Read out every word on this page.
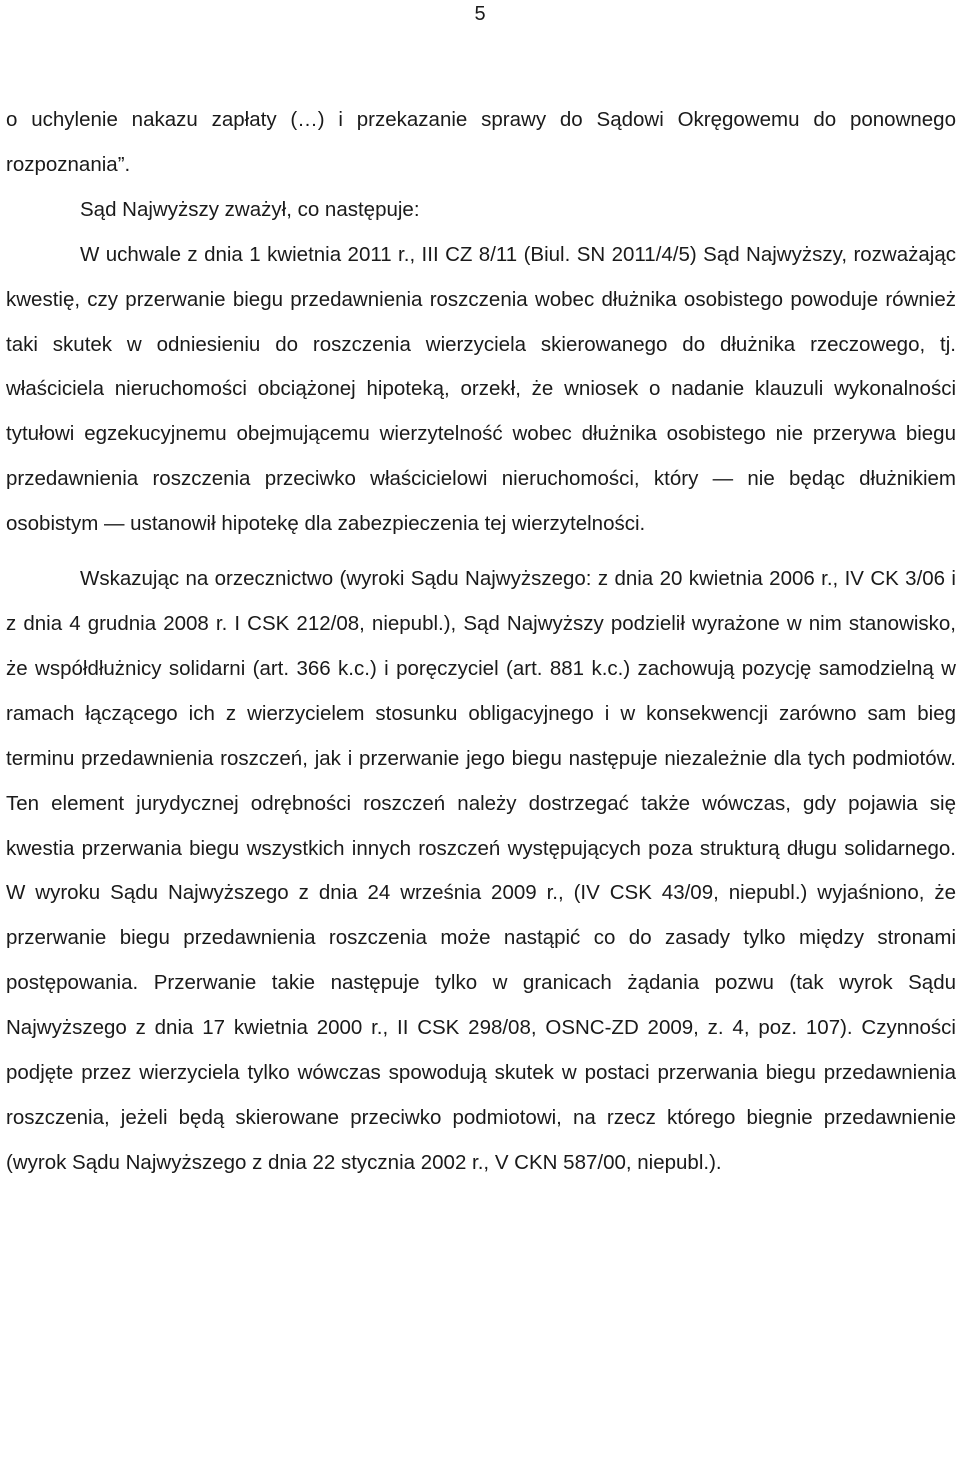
5

o uchylenie nakazu zapłaty (…) i przekazanie sprawy do Sądowi Okręgowemu do ponownego rozpoznania”.

Sąd Najwyższy zważył, co następuje:

W uchwale z dnia 1 kwietnia 2011 r., III CZ 8/11 (Biul. SN 2011/4/5) Sąd Najwyższy, rozważając kwestię, czy przerwanie biegu przedawnienia roszczenia wobec dłużnika osobistego powoduje również taki skutek w odniesieniu do roszczenia wierzyciela skierowanego do dłużnika rzeczowego, tj. właściciela nieruchomości obciążonej hipoteką, orzekł, że wniosek o nadanie klauzuli wykonalności tytułowi egzekucyjnemu obejmującemu wierzytelność wobec dłużnika osobistego nie przerywa biegu przedawnienia roszczenia przeciwko właścicielowi nieruchomości, który ― nie będąc dłużnikiem osobistym ― ustanowił hipotekę dla zabezpieczenia tej wierzytelności.

Wskazując na orzecznictwo (wyroki Sądu Najwyższego: z dnia 20 kwietnia 2006 r., IV CK 3/06 i z dnia 4 grudnia 2008 r. I CSK 212/08, niepubl.), Sąd Najwyższy podzielił wyrażone w nim stanowisko, że współdłużnicy solidarni (art. 366 k.c.) i poręczyciel (art. 881 k.c.) zachowują pozycję samodzielną w ramach łączącego ich z wierzycielem stosunku obligacyjnego i w konsekwencji zarówno sam bieg terminu przedawnienia roszczeń, jak i przerwanie jego biegu następuje niezależnie dla tych podmiotów. Ten element jurydycznej odrębności roszczeń należy dostrzegać także wówczas, gdy pojawia się kwestia przerwania biegu wszystkich innych roszczeń występujących poza strukturą długu solidarnego. W wyroku Sądu Najwyższego z dnia 24 września 2009 r., (IV CSK 43/09, niepubl.) wyjaśniono, że przerwanie biegu przedawnienia roszczenia może nastąpić co do zasady tylko między stronami postępowania. Przerwanie takie następuje tylko w granicach żądania pozwu (tak wyrok Sądu Najwyższego z dnia 17 kwietnia 2000 r., II CSK 298/08, OSNC-ZD 2009, z. 4, poz. 107). Czynności podjęte przez wierzyciela tylko wówczas spowodują skutek w postaci przerwania biegu przedawnienia roszczenia, jeżeli będą skierowane przeciwko podmiotowi, na rzecz którego biegnie przedawnienie (wyrok Sądu Najwyższego z dnia 22 stycznia 2002 r., V CKN 587/00, niepubl.).
